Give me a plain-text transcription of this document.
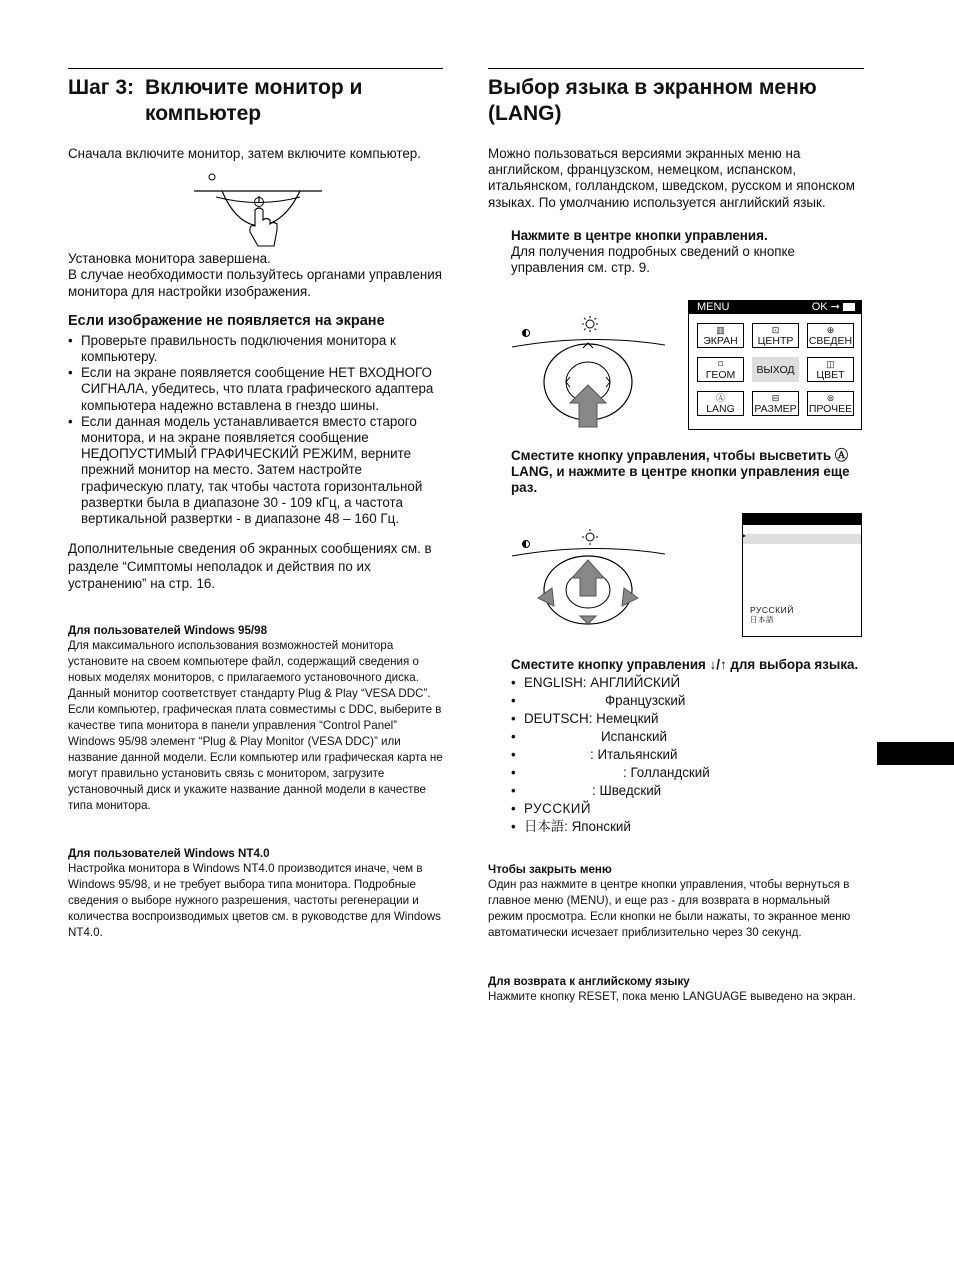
Шаг 3: Включите монитор и компьютер

Сначала включите монитор, затем включите компьютер.

Установка монитора завершена.

В случае необходимости пользуйтесь органами управления монитора для настройки изображения.

Если изображение не появляется на экране
• Проверьте правильность подключения монитора к компьютеру.
• Если на экране появляется сообщение НЕТ ВХОДНОГО СИГНАЛА, убедитесь, что плата графического адаптера компьютера надежно вставлена в гнездо шины.
• Если данная модель устанавливается вместо старого монитора, и на экране появляется сообщение НЕДОПУСТИМЫЙ ГРАФИЧЕСКИЙ РЕЖИМ, верните прежний монитор на место. Затем настройте графическую плату, так чтобы частота горизонтальной развертки была в диапазоне 30 - 109 кГц, а частота вертикальной развертки - в диапазоне 48 – 160 Гц.

Дополнительные сведения об экранных сообщениях см. в разделе “Симптомы неполадок и действия по их устранению” на стр. 16.

Для пользователей Windows 95/98

Для максимального использования возможностей монитора установите на своем компьютере файл, содержащий сведения о новых моделях мониторов, с прилагаемого установочного диска.

Данный монитор соответствует стандарту Plug & Play “VESA DDC”. Если компьютер, графическая плата совместимы с DDC, выберите в качестве типа монитора в панели управления “Control Panel” Windows 95/98 элемент “Plug & Play Monitor (VESA DDC)” или название данной модели. Если компьютер или графическая карта не могут правильно установить связь с монитором, загрузите установочный диск и укажите название данной модели в качестве типа монитора.

Для пользователей Windows NT4.0

Настройка монитора в Windows NT4.0 производится иначе, чем в Windows 95/98, и не требует выбора типа монитора. Подробные сведения о выборе нужного разрешения, частоты регенерации и количества воспроизводимых цветов см. в руководстве для Windows NT4.0.

Выбор языка в экранном меню (LANG)

Можно пользоваться версиями экранных меню на английском, французском, немецком, испанском, итальянском, голландском, шведском, русском и японском языках. По умолчанию используется английский язык.

Нажмите в центре кнопки управления.

Для получения подробных сведений о кнопке управления см. стр. 9.

MENU	OK ➞
▥
ЭКРАН
⊡
ЦЕНТР
⊕
СВЕДЕН
⌑
ГЕОМ	ВЫХОД	◫
ЦВЕТ
Ⓐ
LANG
⊟
РАЗМЕР
⊜
ПРОЧЕЕ

Сместите кнопку управления, чтобы высветить Ⓐ LANG, и нажмите в центре кнопки управления еще раз.

▸
РУССКИЙ
日本語

Сместите кнопку управления ↓/↑ для выбора языка.

• ENGLISH: АНГЛИЙСКИЙ
• Французский
• DEUTSCH: Немецкий
• Испанский
• : Итальянский
• : Голландский
• : Шведский
• РУССКИЙ
• 日本語: Японский
Чтобы закрыть меню

Один раз нажмите в центре кнопки управления, чтобы вернуться в главное меню (MENU), и еще раз - для возврата в нормальный режим просмотра. Если кнопки не были нажаты, то экранное меню автоматически исчезает приблизительно через 30 секунд.

Для возврата к английскому языку

Нажмите кнопку RESET, пока меню LANGUAGE выведено на экран.
